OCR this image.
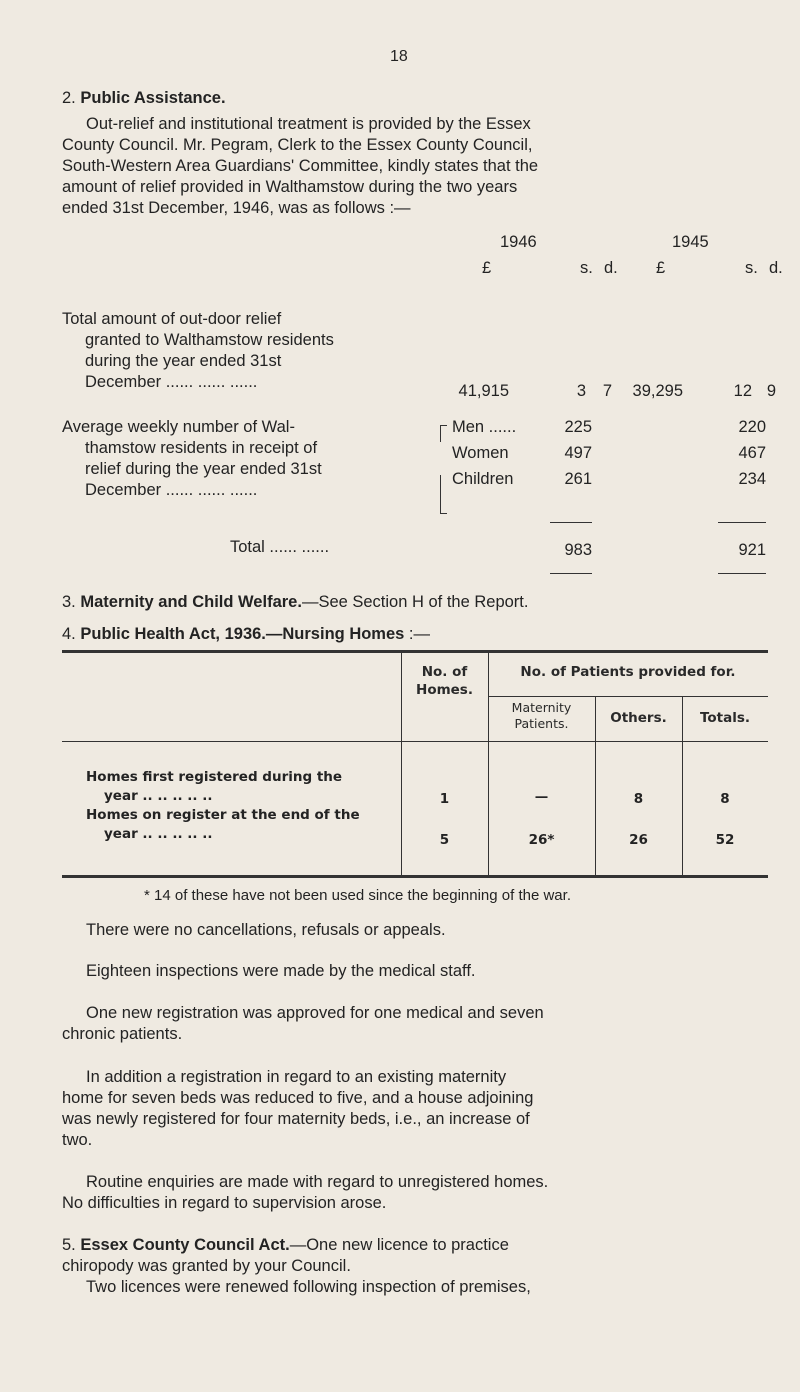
18
2. Public Assistance.
Out-relief and institutional treatment is provided by the Essex
County Council. Mr. Pegram, Clerk to the Essex County Council,
South-Western Area Guardians' Committee, kindly states that the
amount of relief provided in Walthamstow during the two years
ended 31st December, 1946, was as follows :—
1946	1945
£	s. d. £	s. d.
Total amount of out-door relief
granted to Walthamstow residents
during the year ended 31st
December ...... ...... ......	41,915	3	7	39,295	12 9
Average weekly number of Wal-
thamstow residents in receipt of
relief during the year ended 31st
December ...... ...... ......
Men ......	225	220
Women	497	467
Children	261	234
Total ...... ......	983	921
3. Maternity and Child Welfare.—See Section H of the Report.
4. Public Health Act, 1936.—Nursing Homes :—
No. of
Homes.
No. of Patients provided for.
Maternity
Patients.	Others.	Totals.
Homes first registered during the
year .. .. .. .. ..	1	—	8	8
Homes on register at the end of the
year .. .. .. .. ..	5	26*	26	52
* 14 of these have not been used since the beginning of the war.
There were no cancellations, refusals or appeals.
Eighteen inspections were made by the medical staff.
One new registration was approved for one medical and seven
chronic patients.
In addition a registration in regard to an existing maternity
home for seven beds was reduced to five, and a house adjoining
was newly registered for four maternity beds, i.e., an increase of
two.
Routine enquiries are made with regard to unregistered homes.
No difficulties in regard to supervision arose.
5. Essex County Council Act.—One new licence to practice
chiropody was granted by your Council.
Two licences were renewed following inspection of premises,
